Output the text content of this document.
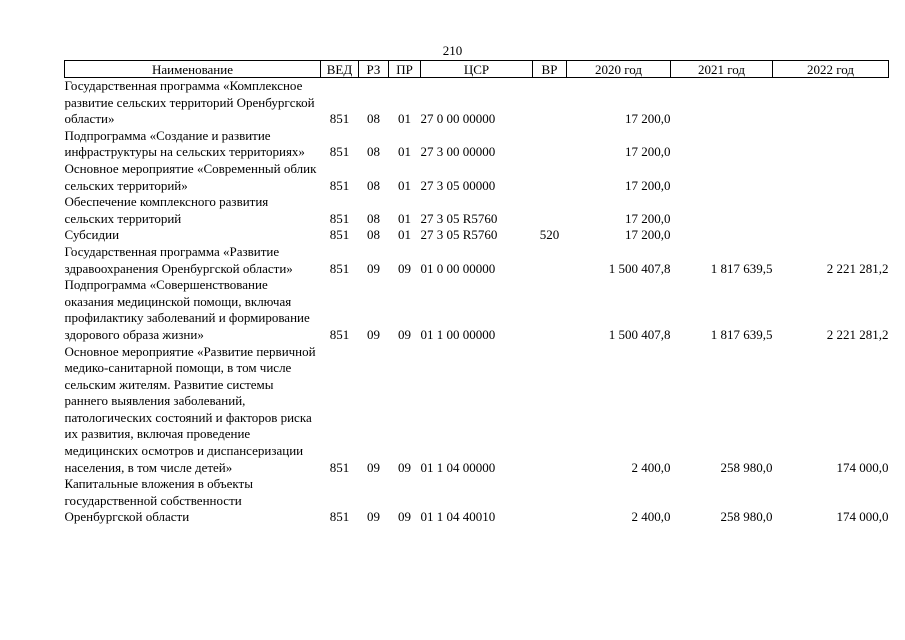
210
Наименование	ВЕД	РЗ	ПР	ЦСР	ВР	2020 год	2021 год	2022 год
Государственная программа «Комплексное развитие сельских территорий Оренбургской области»	851	08	01	27 0 00 00000		17 200,0		
Подпрограмма «Создание и развитие инфраструктуры на сельских территориях»	851	08	01	27 3 00 00000		17 200,0		
Основное мероприятие «Современный облик сельских территорий»	851	08	01	27 3 05 00000		17 200,0		
Обеспечение комплексного развития сельских территорий	851	08	01	27 3 05 R5760		17 200,0		
Субсидии	851	08	01	27 3 05 R5760	520	17 200,0		
Государственная программа «Развитие здравоохранения Оренбургской области»	851	09	09	01 0 00 00000		1 500 407,8	1 817 639,5	2 221 281,2
Подпрограмма «Совершенствование оказания медицинской помощи, включая профилактику заболеваний и формирование здорового образа жизни»	851	09	09	01 1 00 00000		1 500 407,8	1 817 639,5	2 221 281,2
Основное мероприятие «Развитие первичной медико-санитарной помощи, в том числе сельским жителям. Развитие системы раннего выявления заболеваний, патологических состояний и факторов риска их развития, включая проведение медицинских осмотров и диспансеризации населения, в том числе детей»	851	09	09	01 1 04 00000		2 400,0	258 980,0	174 000,0
Капитальные вложения в объекты государственной собственности Оренбургской области	851	09	09	01 1 04 40010		2 400,0	258 980,0	174 000,0
